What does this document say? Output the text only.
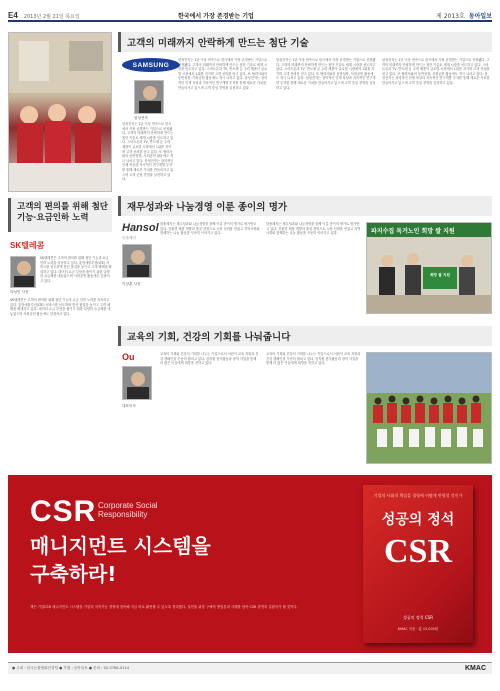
E4 2013년 2월 21일 목요일	한국에서 가장 존경받는 기업	제 2013호 동아일보
고객의 미래까지 안락하게 만드는 첨단 기술
SAMSUNG
삼성전자
삼성전자는 1년 이상 연속으로 한국에서 가장 존경받는 기업으로 선정됐다. 고객의 미래까지 안락하게 만드는 첨단 기술로 세계 시장을 선도하고 있다. 스마트폰과 TV, 반도체 등 주력 제품이 글로벌 시장에서 1위를 지키며 고객 신뢰를 얻고 있다. 또 협력사와의 동반성장, 사회공헌 활동에도 적극 나서고 있다. 삼성전자는 창의적인 인재 육성과 지속적인 연구개발 투자를 통해 새로운 가치를 만들어가고 있으며 고객 중심 경영을 실천하고 있다.
삼성전자는 1년 이상 연속으로 한국에서 가장 존경받는 기업으로 선정됐다. 고객의 미래까지 안락하게 만드는 첨단 기술로 세계 시장을 선도하고 있다. 스마트폰과 TV, 반도체 등 주력 제품이 글로벌 시장에서 1위를 지키며 고객 신뢰를 얻고 있다. 또 협력사와의 동반성장, 사회공헌 활동에도 적극 나서고 있다. 삼성전자는 창의적인 인재 육성과 지속적인 연구개발 투자를 통해 새로운 가치를 만들어가고 있으며 고객 중심 경영을 실천하고 있다.
삼성전자는 1년 이상 연속으로 한국에서 가장 존경받는 기업으로 선정됐다. 고객의 미래까지 안락하게 만드는 첨단 기술로 세계 시장을 선도하고 있다. 스마트폰과 TV, 반도체 등 주력 제품이 글로벌 시장에서 1위를 지키며 고객 신뢰를 얻고 있다. 또 협력사와의 동반성장, 사회공헌 활동에도 적극 나서고 있다. 삼성전자는 창의적인 인재 육성과 지속적인 연구개발 투자를 통해 새로운 가치를 만들어가고 있으며 고객 중심 경영을 실천하고 있다.
삼성전자는 1년 이상 연속으로 한국에서 가장 존경받는 기업으로 선정됐다. 고객의 미래까지 안락하게 만드는 첨단 기술로 세계 시장을 선도하고 있다. 스마트폰과 TV, 반도체 등 주력 제품이 글로벌 시장에서 1위를 지키며 고객 신뢰를 얻고 있다. 또 협력사와의 동반성장, 사회공헌 활동에도 적극 나서고 있다. 삼성전자는 창의적인 인재 육성과 지속적인 연구개발 투자를 통해 새로운 가치를 만들어가고 있으며 고객 중심 경영을 실천하고 있다.
고객의 편의를 위해 첨단기능·요금인하 노력
SK텔레콤
하성민 사장
SK텔레콤은 고객의 편의를 위해 첨단 기능과 요금 인하 노력을 지속하고 있다. 롱텀에볼루션(LTE) 서비스를 선도하며 통신 품질을 높이고 고객 혜택을 확대하고 있다. 데이터 요금 부담을 줄이기 위한 다양한 요금제를 내놓았으며 사회공헌 활동에도 앞장서고 있다.
SK텔레콤은 고객의 편의를 위해 첨단 기능과 요금 인하 노력을 지속하고 있다. 롱텀에볼루션(LTE) 서비스를 선도하며 통신 품질을 높이고 고객 혜택을 확대하고 있다. 데이터 요금 부담을 줄이기 위한 다양한 요금제를 내놓았으며 사회공헌 활동에도 앞장서고 있다.
재무성과와 나눔경영 이룬 종이의 명가
Hansol
한솔제지
이상훈 사장
한솔제지는 재무성과와 나눔경영을 함께 이룬 종이의 명가로 평가받고 있다. 친환경 제품 개발과 품질 경영으로 시장 신뢰를 얻었고 지역사회와 함께하는 나눔 활동을 꾸준히 이어가고 있다.
한솔제지는 재무성과와 나눔경영을 함께 이룬 종이의 명가로 평가받고 있다. 친환경 제품 개발과 품질 경영으로 시장 신뢰를 얻었고 지역사회와 함께하는 나눔 활동을 꾸준히 이어가고 있다.	파지수집 독거노인 희망 쌀 지원
희망 쌀 지원
교육의 기회, 건강의 기회를 나눠줍니다
Ou
대표이사
교육의 기회와 건강의 기회를 나누는 기업으로서 어린이 교육 지원과 건강 캠페인을 꾸준히 펼치고 있다. 임직원 봉사활동과 장학 사업을 통해 더 많은 이들에게 희망을 전하고 있다.
교육의 기회와 건강의 기회를 나누는 기업으로서 어린이 교육 지원과 건강 캠페인을 꾸준히 펼치고 있다. 임직원 봉사활동과 장학 사업을 통해 더 많은 이들에게 희망을 전하고 있다.
CSR Corporate Social
Responsibility
매니지먼트 시스템을
구축하라!
책은 기업CSR 매니지먼트 시스템을 기업의 지속가능 경영에 접목해 지금 바로 활용할 수 있도록 정리했다. 실천을 위한 구체적 방법론과 사례를 담아 CSR 경영의 길잡이가 될 것이다.
기업의 사회적 책임을 경영에 어떻게 반영할 것인가
성공의 정석
CSR
성공의 정석 CSR
KMAC 지음 · 값 15,000원
● 주최 : 한국능률협회컨설팅 ● 후원 : 동아일보 ● 문의 : 02-3786-0114	KMAC
